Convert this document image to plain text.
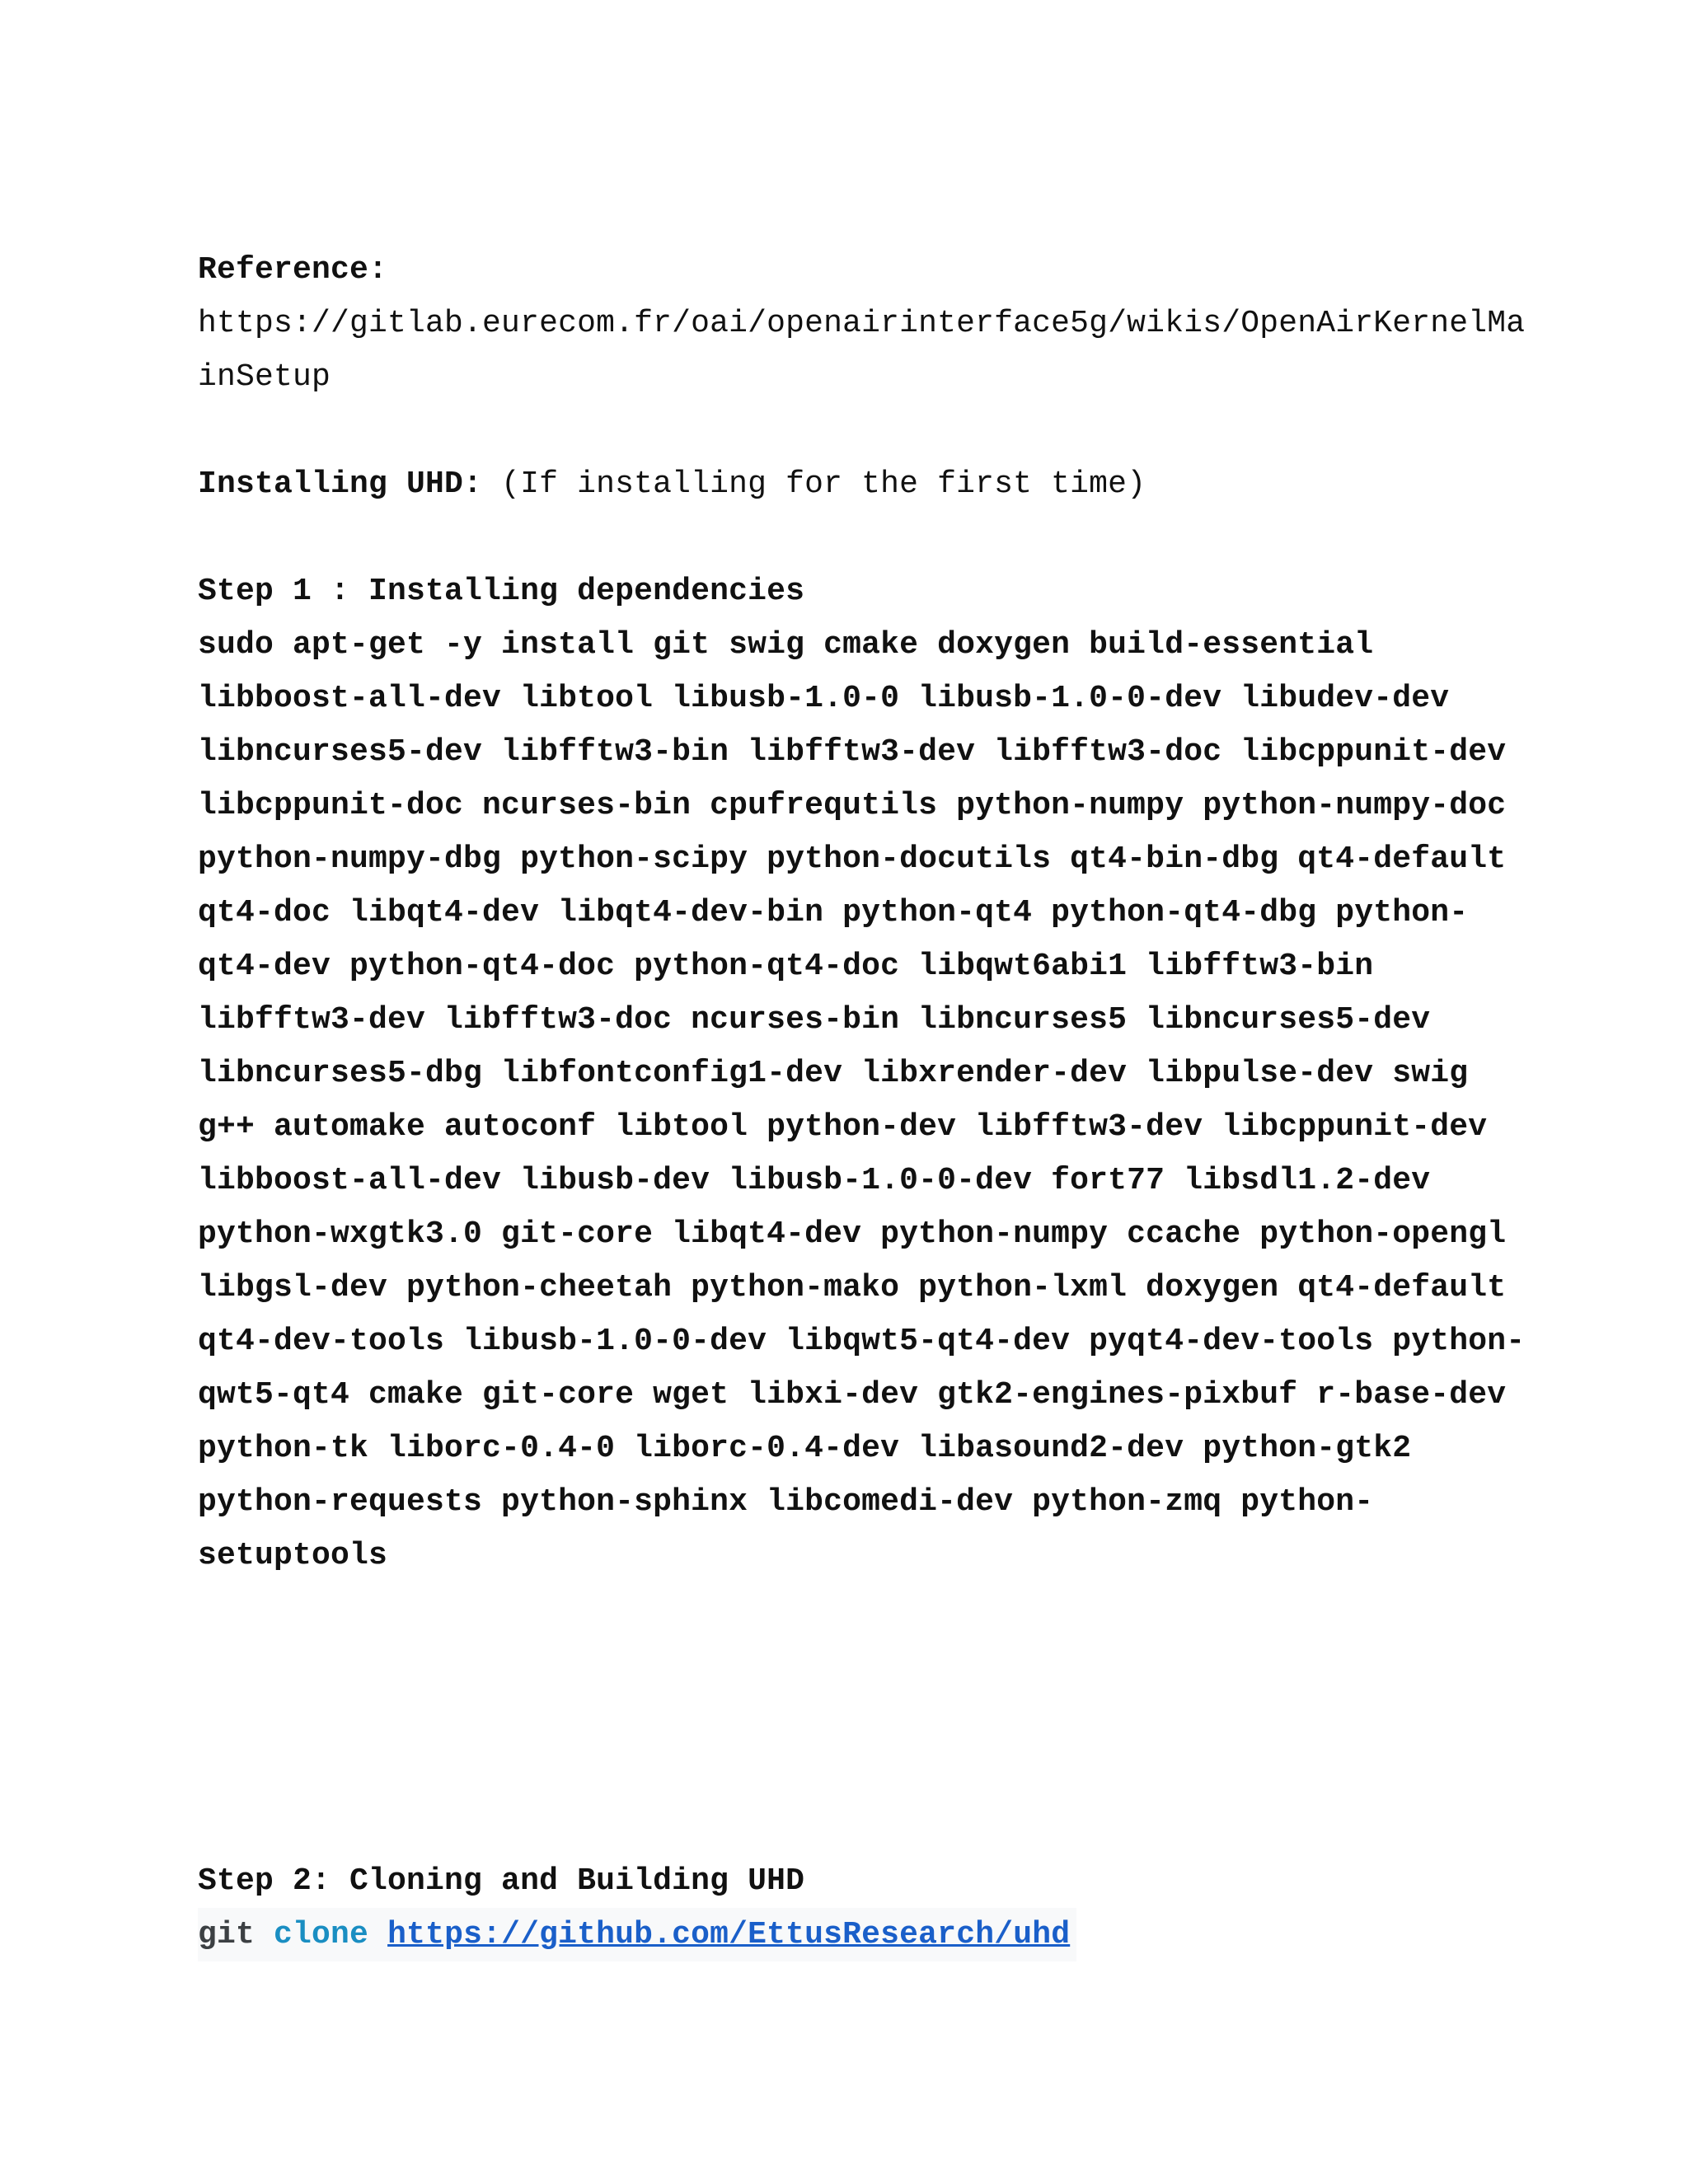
Reference:
https://gitlab.eurecom.fr/oai/openairinterface5g/wikis/OpenAirKernelMa
inSetup
Installing UHD: (If installing for the first time)
Step 1 : Installing dependencies
sudo apt-get -y install git swig cmake doxygen build-essential
libboost-all-dev libtool libusb-1.0-0 libusb-1.0-0-dev libudev-dev
libncurses5-dev libfftw3-bin libfftw3-dev libfftw3-doc libcppunit-dev
libcppunit-doc ncurses-bin cpufrequtils python-numpy python-numpy-doc
python-numpy-dbg python-scipy python-docutils qt4-bin-dbg qt4-default
qt4-doc libqt4-dev libqt4-dev-bin python-qt4 python-qt4-dbg python-
qt4-dev python-qt4-doc python-qt4-doc libqwt6abi1 libfftw3-bin
libfftw3-dev libfftw3-doc ncurses-bin libncurses5 libncurses5-dev
libncurses5-dbg libfontconfig1-dev libxrender-dev libpulse-dev swig
g++ automake autoconf libtool python-dev libfftw3-dev libcppunit-dev
libboost-all-dev libusb-dev libusb-1.0-0-dev fort77 libsdl1.2-dev
python-wxgtk3.0 git-core libqt4-dev python-numpy ccache python-opengl
libgsl-dev python-cheetah python-mako python-lxml doxygen qt4-default
qt4-dev-tools libusb-1.0-0-dev libqwt5-qt4-dev pyqt4-dev-tools python-
qwt5-qt4 cmake git-core wget libxi-dev gtk2-engines-pixbuf r-base-dev
python-tk liborc-0.4-0 liborc-0.4-dev libasound2-dev python-gtk2
python-requests python-sphinx libcomedi-dev python-zmq python-
setuptools
Step 2: Cloning and Building UHD
git clone https://github.com/EttusResearch/uhd
